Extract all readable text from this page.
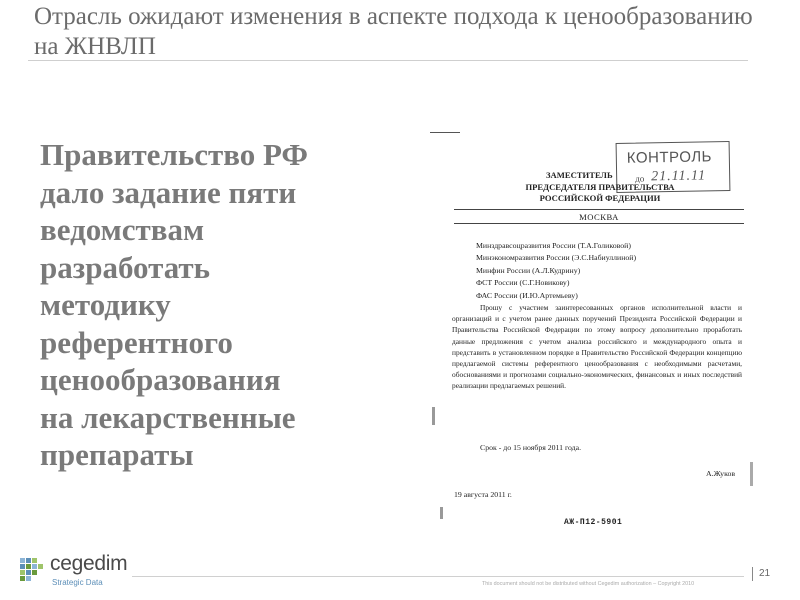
Отрасль ожидают изменения в аспекте подхода к ценообразованию на ЖНВЛП
Правительство РФ
дало задание пяти
ведомствам
разработать
методику
референтного
ценообразования
на лекарственные
препараты
КОНТРОЛЬ
до 21.11.11
ЗАМЕСТИТЕЛЬ
ПРЕДСЕДАТЕЛЯ ПРАВИТЕЛЬСТВА
РОССИЙСКОЙ ФЕДЕРАЦИИ
МОСКВА
Минздравсоцразвития России (Т.А.Голиковой)
Минэкономразвития России (Э.С.Набиуллиной)
Минфин России (А.Л.Кудрину)
ФСТ России (С.Г.Новикову)
ФАС России (И.Ю.Артемьеву)
Прошу с участием заинтересованных органов исполнительной власти и организаций и с учетом ранее данных поручений Президента Российской Федерации и Правительства Российской Федерации по этому вопросу дополнительно проработать данные предложения с учетом анализа российского и международного опыта и представить в установленном порядке в Правительство Российской Федерации концепцию предлагаемой системы референтного ценообразования с необходимыми расчетами, обоснованиями и прогнозами социально-экономических, финансовых и иных последствий реализации предлагаемых решений.
Срок - до 15 ноября 2011 года.
А.Жуков
19 августа 2011 г.
АЖ-П12-5901
cegedim
Strategic Data	This document should not be distributed without Cegedim authorization – Copyright 2010
21
